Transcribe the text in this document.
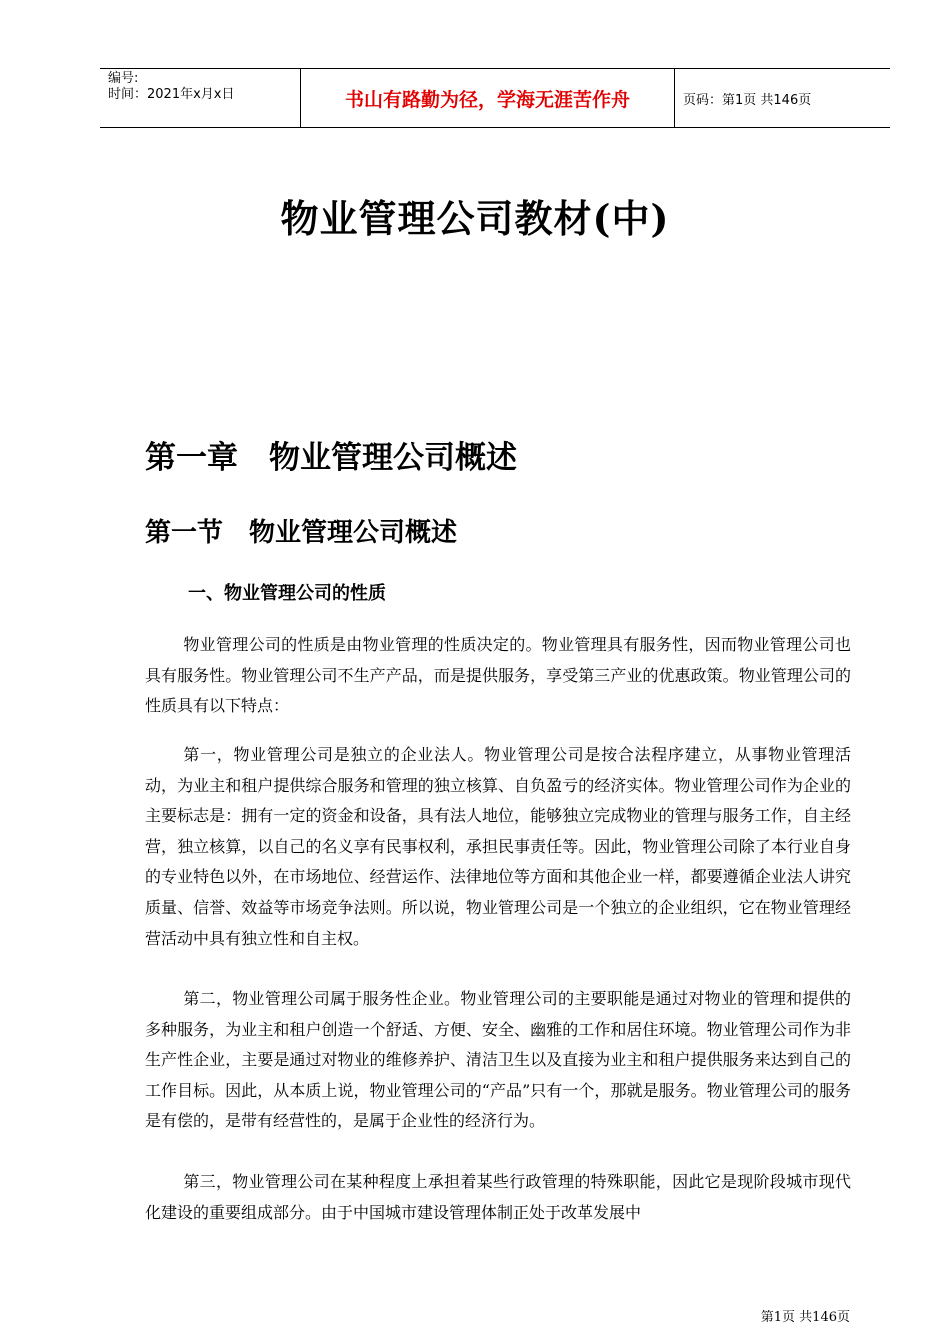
编号:
时间：2021年x月x日	书山有路勤为径，学海无涯苦作舟	页码：第1页 共146页
物业管理公司教材(中)
第一章　物业管理公司概述
第一节　物业管理公司概述
一、物业管理公司的性质

物业管理公司的性质是由物业管理的性质决定的。物业管理具有服务性，因而物业管理公司也具有服务性。物业管理公司不生产产品，而是提供服务，享受第三产业的优惠政策。物业管理公司的性质具有以下特点：

第一，物业管理公司是独立的企业法人。物业管理公司是按合法程序建立，从事物业管理活动，为业主和租户提供综合服务和管理的独立核算、自负盈亏的经济实体。物业管理公司作为企业的主要标志是：拥有一定的资金和设备，具有法人地位，能够独立完成物业的管理与服务工作，自主经营，独立核算，以自己的名义享有民事权利，承担民事责任等。因此，物业管理公司除了本行业自身的专业特色以外，在市场地位、经营运作、法律地位等方面和其他企业一样，都要遵循企业法人讲究质量、信誉、效益等市场竞争法则。所以说，物业管理公司是一个独立的企业组织，它在物业管理经营活动中具有独立性和自主权。

第二，物业管理公司属于服务性企业。物业管理公司的主要职能是通过对物业的管理和提供的多种服务，为业主和租户创造一个舒适、方便、安全、幽雅的工作和居住环境。物业管理公司作为非生产性企业，主要是通过对物业的维修养护、清洁卫生以及直接为业主和租户提供服务来达到自己的工作目标。因此，从本质上说，物业管理公司的“产品”只有一个，那就是服务。物业管理公司的服务是有偿的，是带有经营性的，是属于企业性的经济行为。

第三，物业管理公司在某种程度上承担着某些行政管理的特殊职能，因此它是现阶段城市现代化建设的重要组成部分。由于中国城市建设管理体制正处于改革发展中

第1页 共146页
